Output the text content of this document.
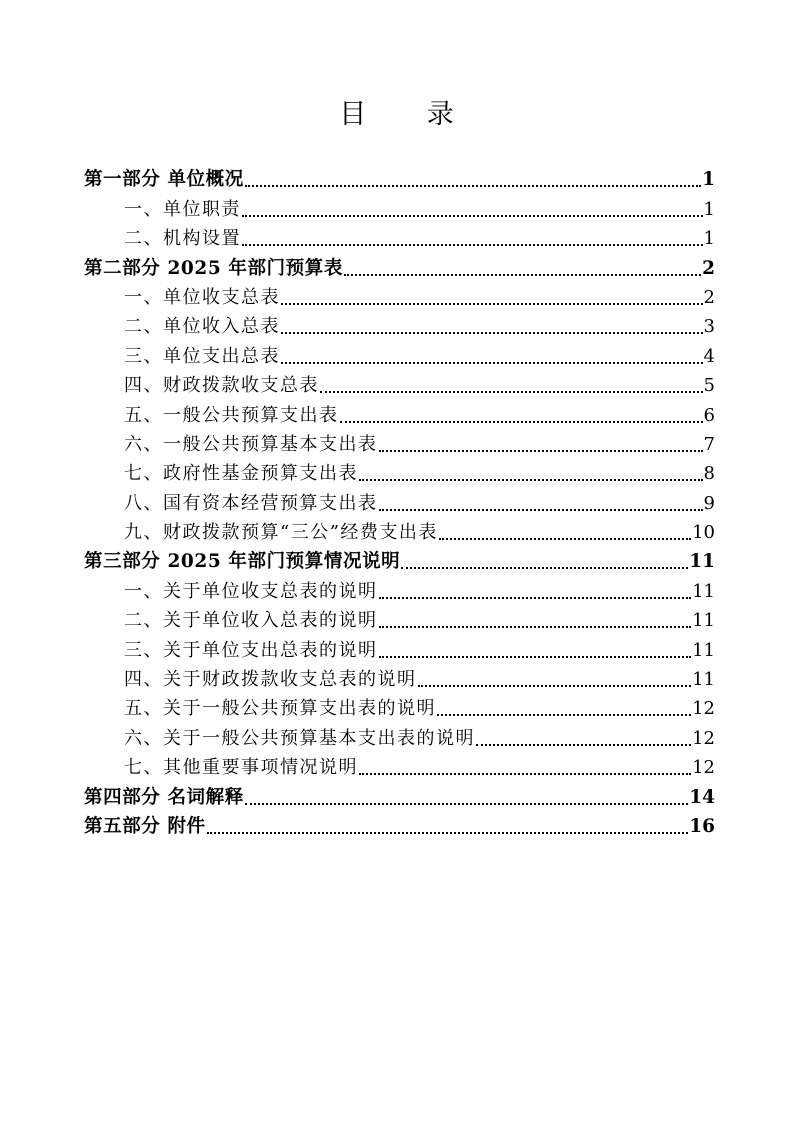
目 录
第一部分 单位概况	1
一、单位职责	1
二、机构设置	1
第二部分 2025 年部门预算表	2
一、单位收支总表	2
二、单位收入总表	3
三、单位支出总表	4
四、财政拨款收支总表	5
五、一般公共预算支出表	6
六、一般公共预算基本支出表	7
七、政府性基金预算支出表	8
八、国有资本经营预算支出表	9
九、财政拨款预算“三公”经费支出表	10
第三部分 2025 年部门预算情况说明	11
一、关于单位收支总表的说明	11
二、关于单位收入总表的说明	11
三、关于单位支出总表的说明	11
四、关于财政拨款收支总表的说明	11
五、关于一般公共预算支出表的说明	12
六、关于一般公共预算基本支出表的说明	12
七、其他重要事项情况说明	12
第四部分 名词解释	14
第五部分 附件	16
